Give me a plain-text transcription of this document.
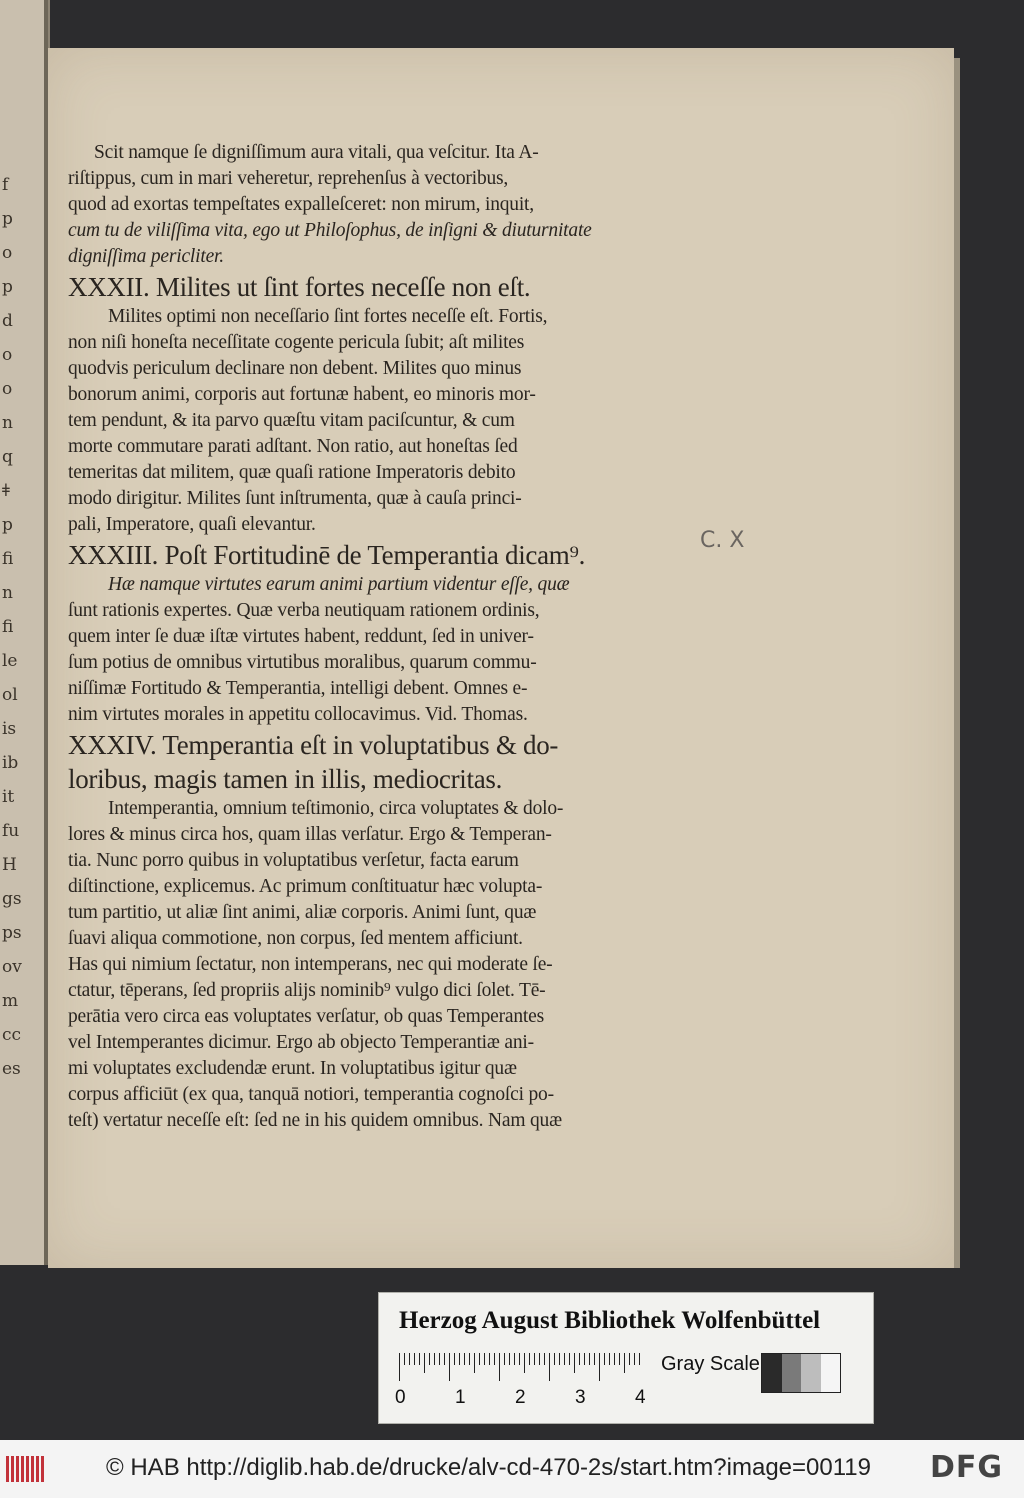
f
p
o
p
d
o
o
n
q
ǂ
p
fi
n
fi
le
ol
is
ib
it
fu
H
gs
ps
ov
m
cc
es
Scit namque ſe digniſſimum aura vitali, qua veſcitur. Ita A-
riſtippus, cum in mari veheretur, reprehenſus à vectoribus,
quod ad exortas tempeſtates expalleſceret: non mirum, inquit,
cum tu de viliſſima vita, ego ut Philoſophus, de inſigni & diuturnitate
digniſſima pericliter.
XXXII. Milites ut ſint fortes neceſſe non eſt.
Milites optimi non neceſſario ſint fortes neceſſe eſt. Fortis,
non niſi honeſta neceſſitate cogente pericula ſubit; aſt milites
quodvis periculum declinare non debent. Milites quo minus
bonorum animi, corporis aut fortunæ habent, eo minoris mor-
tem pendunt, & ita parvo quæſtu vitam paciſcuntur, & cum
morte commutare parati adſtant. Non ratio, aut honeſtas ſed
temeritas dat militem, quæ quaſi ratione Imperatoris debito
modo dirigitur. Milites ſunt inſtrumenta, quæ à cauſa princi-
pali, Imperatore, quaſi elevantur.
XXXIII. Poſt Fortitudinē de Temperantia dicam⁹.
Hæ namque virtutes earum animi partium videntur eſſe, quæ
ſunt rationis expertes. Quæ verba neutiquam rationem ordinis,
quem inter ſe duæ iſtæ virtutes habent, reddunt, ſed in univer-
ſum potius de omnibus virtutibus moralibus, quarum commu-
niſſimæ Fortitudo & Temperantia, intelligi debent. Omnes e-
nim virtutes morales in appetitu collocavimus. Vid. Thomas.
XXXIV. Temperantia eſt in voluptatibus & do-
loribus, magis tamen in illis, mediocritas.
Intemperantia, omnium teſtimonio, circa voluptates & dolo-
lores & minus circa hos, quam illas verſatur. Ergo & Temperan-
tia. Nunc porro quibus in voluptatibus verſetur, facta earum
diſtinctione, explicemus. Ac primum conſtituatur hæc volupta-
tum partitio, ut aliæ ſint animi, aliæ corporis. Animi ſunt, quæ
ſuavi aliqua commotione, non corpus, ſed mentem afficiunt.
Has qui nimium ſectatur, non intemperans, nec qui moderate ſe-
ctatur, tēperans, ſed propriis alijs nominib⁹ vulgo dici ſolet. Tē-
perātia vero circa eas voluptates verſatur, ob quas Temperantes
vel Intemperantes dicimur. Ergo ab objecto Temperantiæ ani-
mi voluptates excludendæ erunt. In voluptatibus igitur quæ
corpus afficiūt (ex qua, tanquā notiori, temperantia cognoſci po-
teſt) vertatur neceſſe eſt: ſed ne in his quidem omnibus. Nam quæ
C. X
Herzog August Bibliothek Wolfenbüttel
0	1	2	3	4
Gray Scale
© HAB http://diglib.hab.de/drucke/alv-cd-470-2s/start.htm?image=00119 DFG
